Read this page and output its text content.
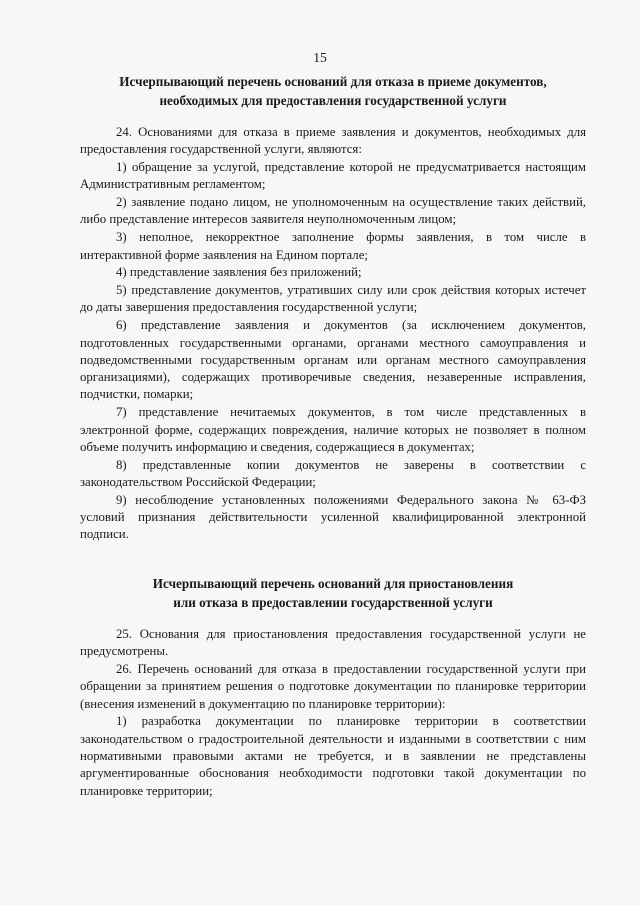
15
Исчерпывающий перечень оснований для отказа в приеме документов,
необходимых для предоставления государственной услуги

24. Основаниями для отказа в приеме заявления и документов, необходимых для предоставления государственной услуги, являются:

1) обращение за услугой, представление которой не предусматривается настоящим Административным регламентом;

2) заявление подано лицом, не уполномоченным на осуществление таких действий, либо представление интересов заявителя неуполномоченным лицом;

3) неполное, некорректное заполнение формы заявления, в том числе в интерактивной форме заявления на Едином портале;

4) представление заявления без приложений;

5) представление документов, утративших силу или срок действия которых истечет до даты завершения предоставления государственной услуги;

6) представление заявления и документов (за исключением документов, подготовленных государственными органами, органами местного самоуправления и подведомственными государственным органам или органам местного самоуправления организациями), содержащих противоречивые сведения, незаверенные исправления, подчистки, помарки;

7) представление нечитаемых документов, в том числе представленных в электронной форме, содержащих повреждения, наличие которых не позволяет в полном объеме получить информацию и сведения, содержащиеся в документах;

8) представленные копии документов не заверены в соответствии с законодательством Российской Федерации;

9) несоблюдение установленных положениями Федерального закона № 63-ФЗ условий признания действительности усиленной квалифицированной электронной подписи.

Исчерпывающий перечень оснований для приостановления
или отказа в предоставлении государственной услуги

25. Основания для приостановления предоставления государственной услуги не предусмотрены.

26. Перечень оснований для отказа в предоставлении государственной услуги при обращении за принятием решения о подготовке документации по планировке территории (внесения изменений в документацию по планировке территории):

1) разработка документации по планировке территории в соответствии законодательством о градостроительной деятельности и изданными в соответствии с ним нормативными правовыми актами не требуется, и в заявлении не представлены аргументированные обоснования необходимости подготовки такой документации по планировке территории;
